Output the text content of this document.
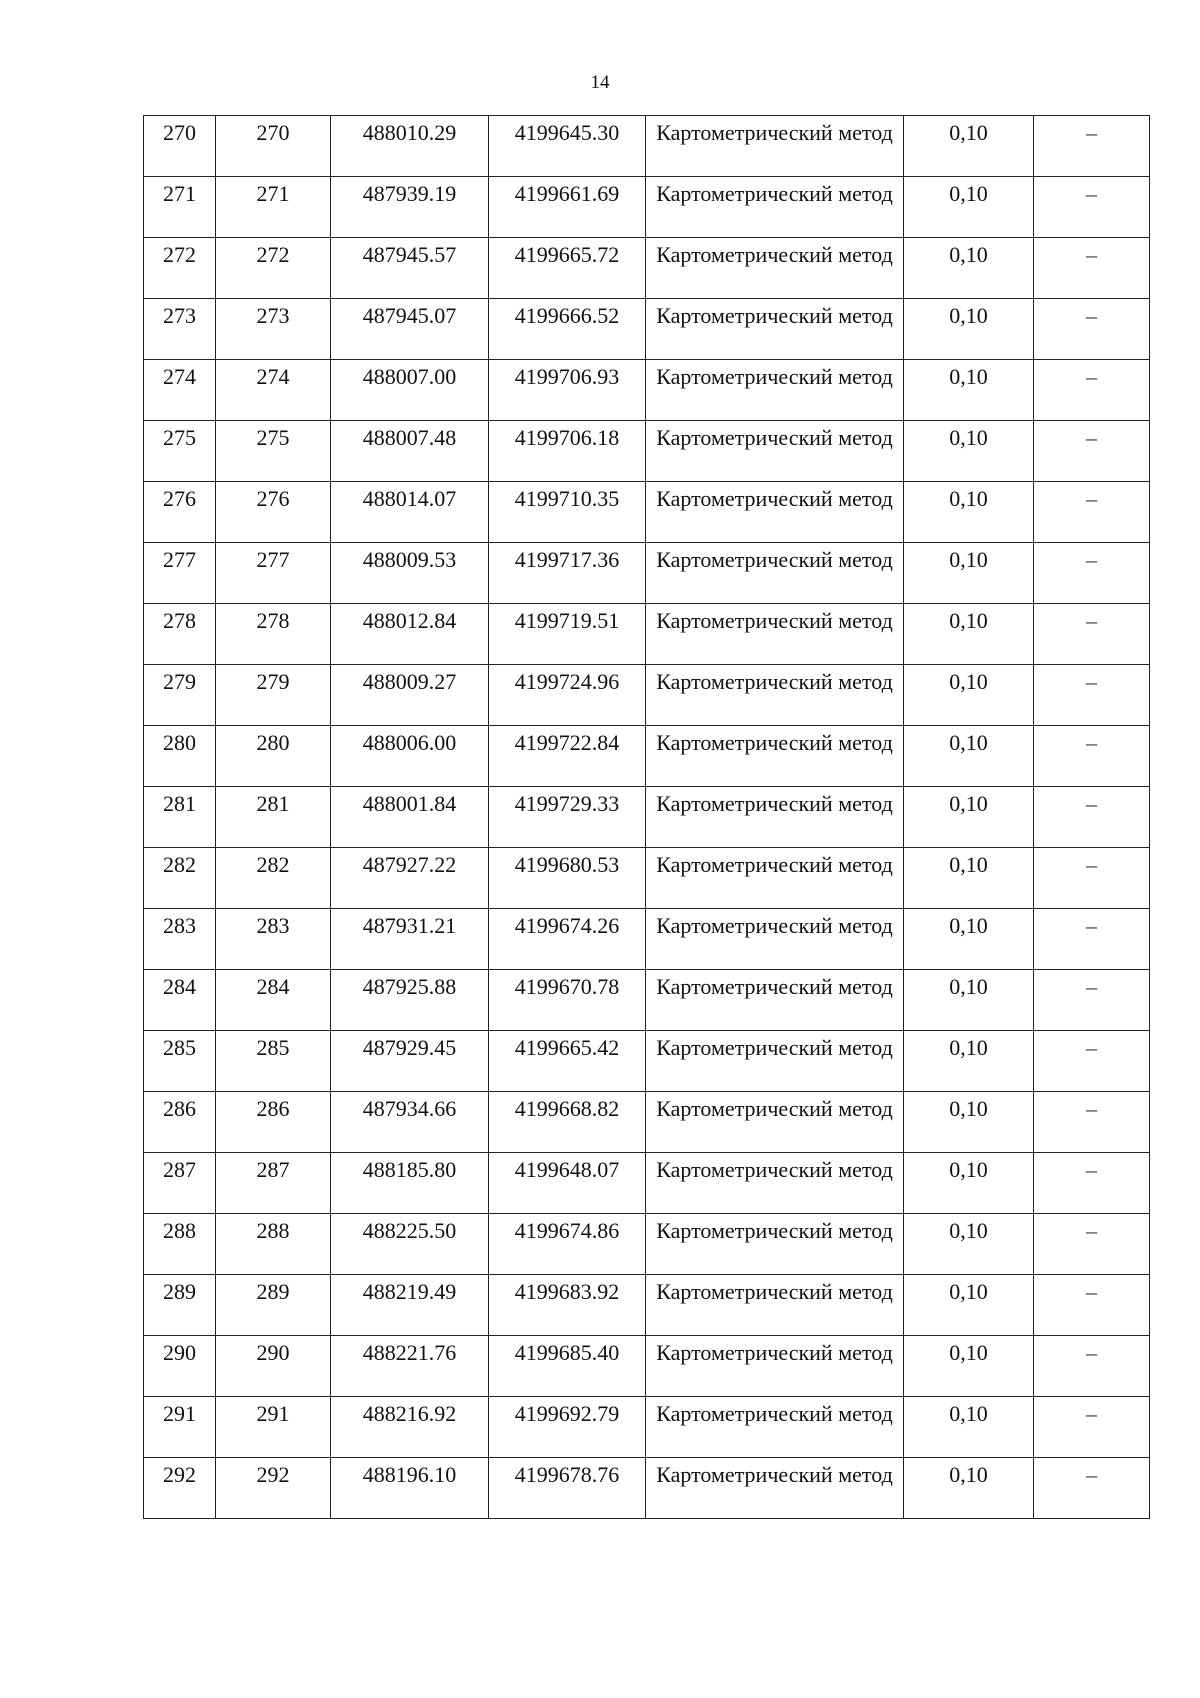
14
270	270	488010.29	4199645.30	Картометрический метод	0,10	–

271	271	487939.19	4199661.69	Картометрический метод	0,10	–

272	272	487945.57	4199665.72	Картометрический метод	0,10	–

273	273	487945.07	4199666.52	Картометрический метод	0,10	–

274	274	488007.00	4199706.93	Картометрический метод	0,10	–

275	275	488007.48	4199706.18	Картометрический метод	0,10	–

276	276	488014.07	4199710.35	Картометрический метод	0,10	–

277	277	488009.53	4199717.36	Картометрический метод	0,10	–

278	278	488012.84	4199719.51	Картометрический метод	0,10	–

279	279	488009.27	4199724.96	Картометрический метод	0,10	–

280	280	488006.00	4199722.84	Картометрический метод	0,10	–

281	281	488001.84	4199729.33	Картометрический метод	0,10	–

282	282	487927.22	4199680.53	Картометрический метод	0,10	–

283	283	487931.21	4199674.26	Картометрический метод	0,10	–

284	284	487925.88	4199670.78	Картометрический метод	0,10	–

285	285	487929.45	4199665.42	Картометрический метод	0,10	–

286	286	487934.66	4199668.82	Картометрический метод	0,10	–

287	287	488185.80	4199648.07	Картометрический метод	0,10	–

288	288	488225.50	4199674.86	Картометрический метод	0,10	–

289	289	488219.49	4199683.92	Картометрический метод	0,10	–

290	290	488221.76	4199685.40	Картометрический метод	0,10	–

291	291	488216.92	4199692.79	Картометрический метод	0,10	–

292	292	488196.10	4199678.76	Картометрический метод	0,10	–
